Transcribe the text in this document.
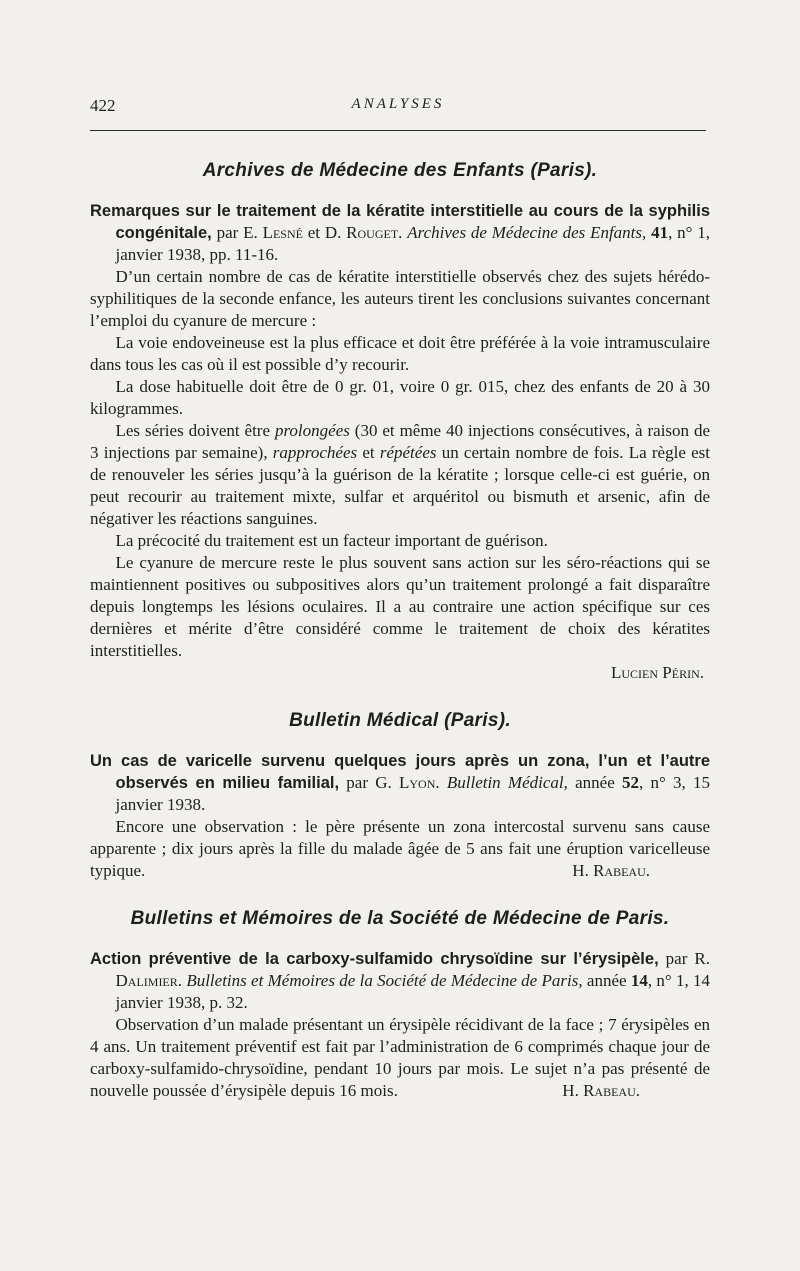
422	ANALYSES
Archives de Médecine des Enfants (Paris).

Remarques sur le traitement de la kératite interstitielle au cours de la syphilis congénitale, par E. Lesné et D. Rouget. Archives de Médecine des Enfants, 41, n° 1, janvier 1938, pp. 11-16.

D’un certain nombre de cas de kératite interstitielle observés chez des sujets hérédo-syphilitiques de la seconde enfance, les auteurs tirent les conclusions suivantes concernant l’emploi du cyanure de mercure :

La voie endoveineuse est la plus efficace et doit être préférée à la voie intramusculaire dans tous les cas où il est possible d’y recourir.

La dose habituelle doit être de 0 gr. 01, voire 0 gr. 015, chez des enfants de 20 à 30 kilogrammes.

Les séries doivent être prolongées (30 et même 40 injections consécutives, à raison de 3 injections par semaine), rapprochées et répétées un certain nombre de fois. La règle est de renouveler les séries jusqu’à la guérison de la kératite ; lorsque celle-ci est guérie, on peut recourir au traitement mixte, sulfar et arquéritol ou bismuth et arsenic, afin de négativer les réactions sanguines.

La précocité du traitement est un facteur important de guérison.

Le cyanure de mercure reste le plus souvent sans action sur les séro-réactions qui se maintiennent positives ou subpositives alors qu’un traitement prolongé a fait disparaître depuis longtemps les lésions oculaires. Il a au contraire une action spécifique sur ces dernières et mérite d’être considéré comme le traitement de choix des kératites interstitielles.

Lucien Périn.
Bulletin Médical (Paris).

Un cas de varicelle survenu quelques jours après un zona, l’un et l’autre observés en milieu familial, par G. Lyon. Bulletin Médical, année 52, n° 3, 15 janvier 1938.

Encore une observation : le père présente un zona intercostal survenu sans cause apparente ; dix jours après la fille du malade âgée de 5 ans fait une éruption varicelleuse typique.	H. Rabeau.

Bulletins et Mémoires de la Société de Médecine de Paris.

Action préventive de la carboxy-sulfamido chrysoïdine sur l’érysipèle, par R. Dalimier. Bulletins et Mémoires de la Société de Médecine de Paris, année 14, n° 1, 14 janvier 1938, p. 32.

Observation d’un malade présentant un érysipèle récidivant de la face ; 7 érysipèles en 4 ans. Un traitement préventif est fait par l’administration de 6 comprimés chaque jour de carboxy-sulfamido-chrysoïdine, pendant 10 jours par mois. Le sujet n’a pas présenté de nouvelle poussée d’érysipèle depuis 16 mois.	H. Rabeau.
